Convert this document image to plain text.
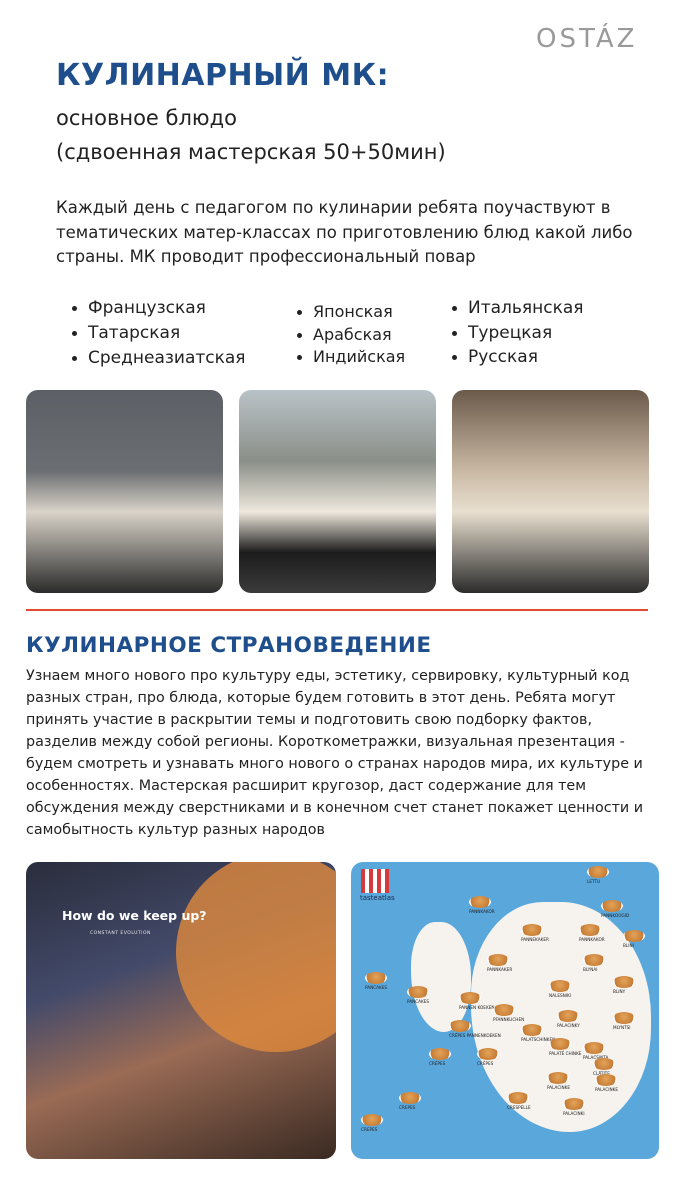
OSTÁZ
КУЛИНАРНЫЙ МК:
основное блюдо
(сдвоенная мастерская 50+50мин)
Каждый день с педагогом по кулинарии ребята поучаствуют в тематических матер-классах по приготовлению блюд какой либо страны. МК проводит профессиональный повар
Французская
Татарская
Среднеазиатская
Японская
Арабская
Индийская
Итальянская
Турецкая
Русская
КУЛИНАРНОЕ СТРАНОВЕДЕНИЕ
Узнаем много нового про культуру еды, эстетику, сервировку, культурный код разных стран, про блюда, которые будем готовить в этот день. Ребята могут принять участие в раскрытии темы и подготовить свою подборку фактов, разделив между собой регионы. Короткометражки, визуальная презентация - будем смотреть и узнавать много нового о странах народов мира, их культуре и особенностях. Мастерская расширит кругозор, даст содержание для тем обсуждения между сверстниками и в конечном счет станет покажет ценности и самобытность культур разных народов
How do we keep up?
CONSTANT EVOLUTION
tasteatlas
LETTU
PANNKAKOR
PANNKOOGID
PANNEKAKER
BLINI
PANNKAKOR
PANCAKES
PANCAKES
PANNKAKER	BLYNAI
PANNEN KOEKEN
PFANNKUCHEN
NALESNIKI
BLINY
CRÊPES PANNENKOEKEN
PALATSCHINKEN
PALACINKY	MLYNTSI
PALATÉ CHINKE
PALACSINTA
CRÉPES	CRÉPES
CLÄTITE
PALACINKE	PALACINKE
CREPES	CRESPELLE
PALACINKI
CREPES
